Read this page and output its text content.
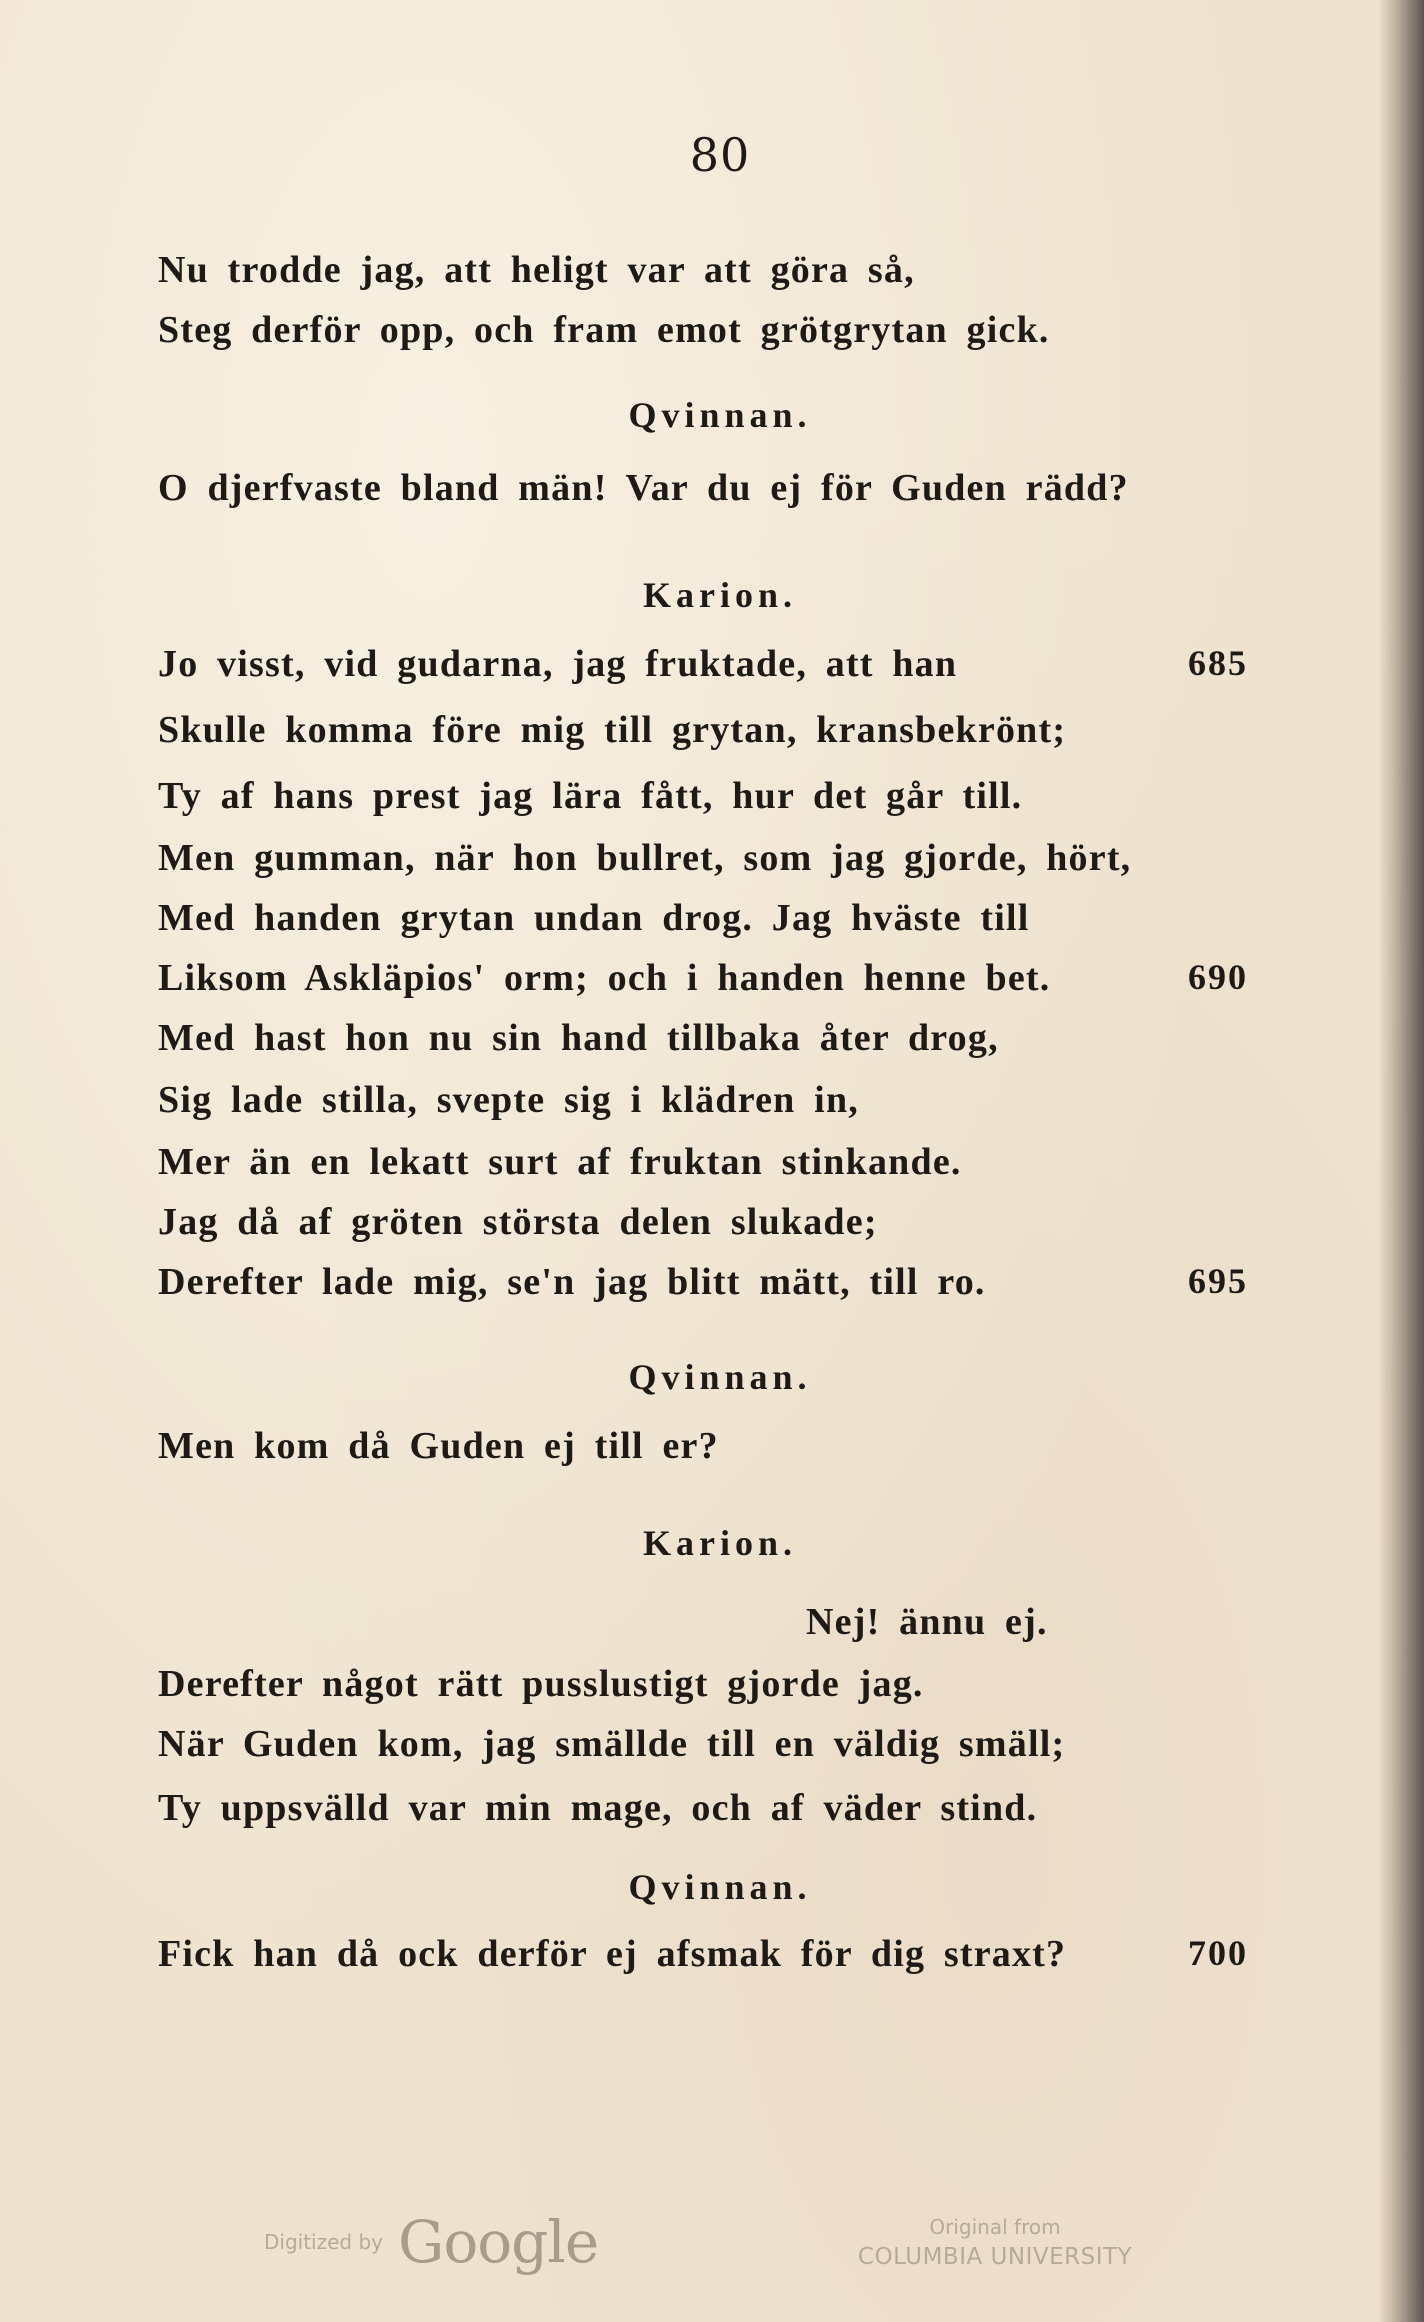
80
Nu trodde jag, att heligt var att göra så,
Steg derför opp, och fram emot grötgrytan gick.
Qvinnan.
O djerfvaste bland män! Var du ej för Guden rädd?
Karion.
Jo visst, vid gudarna, jag fruktade, att han	685
Skulle komma före mig till grytan, kransbekrönt;
Ty af hans prest jag lära fått, hur det går till.
Men gumman, när hon bullret, som jag gjorde, hört,
Med handen grytan undan drog. Jag hväste till
Liksom Askläpios' orm; och i handen henne bet.	690
Med hast hon nu sin hand tillbaka åter drog,
Sig lade stilla, svepte sig i klädren in,
Mer än en lekatt surt af fruktan stinkande.
Jag då af gröten största delen slukade;
Derefter lade mig, se'n jag blitt mätt, till ro.	695
Qvinnan.
Men kom då Guden ej till er?
Karion.
Nej! ännu ej.
Derefter något rätt pusslustigt gjorde jag.
När Guden kom, jag smällde till en väldig smäll;
Ty uppsvälld var min mage, och af väder stind.
Qvinnan.
Fick han då ock derför ej afsmak för dig straxt?	700
Digitized by Google	Original from
COLUMBIA UNIVERSITY
